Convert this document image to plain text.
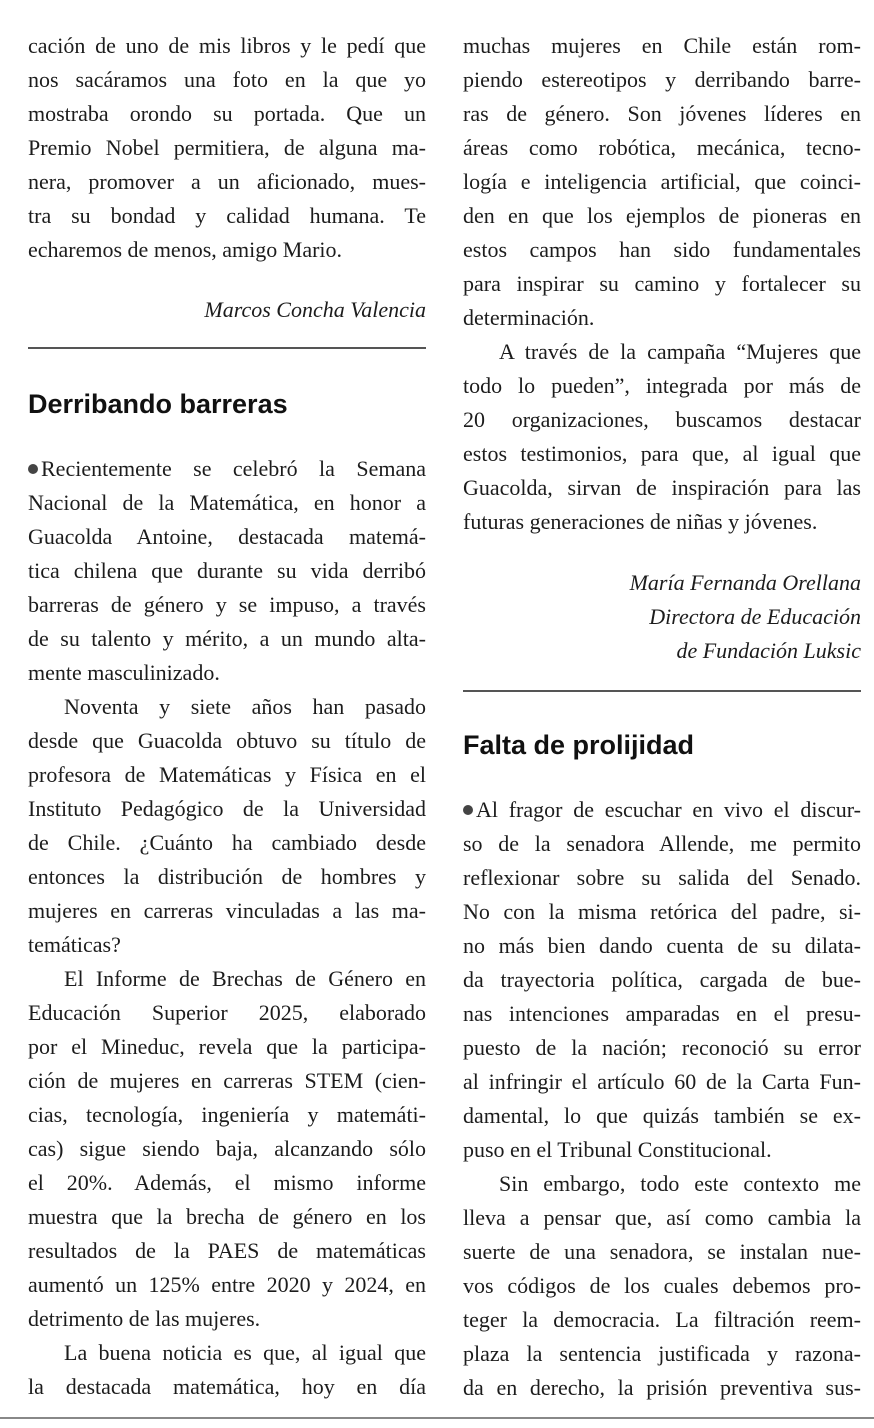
cación de uno de mis libros y le pedí que
nos sacáramos una foto en la que yo
mostraba orondo su portada. Que un
Premio Nobel permitiera, de alguna ma-
nera, promover a un aficionado, mues-
tra su bondad y calidad humana. Te
echaremos de menos, amigo Mario.
Marcos Concha Valencia
Derribando barreras
Recientemente se celebró la Semana
Nacional de la Matemática, en honor a
Guacolda Antoine, destacada matemá-
tica chilena que durante su vida derribó
barreras de género y se impuso, a través
de su talento y mérito, a un mundo alta-
mente masculinizado.
Noventa y siete años han pasado
desde que Guacolda obtuvo su título de
profesora de Matemáticas y Física en el
Instituto Pedagógico de la Universidad
de Chile. ¿Cuánto ha cambiado desde
entonces la distribución de hombres y
mujeres en carreras vinculadas a las ma-
temáticas?
El Informe de Brechas de Género en
Educación Superior 2025, elaborado
por el Mineduc, revela que la participa-
ción de mujeres en carreras STEM (cien-
cias, tecnología, ingeniería y matemáti-
cas) sigue siendo baja, alcanzando sólo
el 20%. Además, el mismo informe
muestra que la brecha de género en los
resultados de la PAES de matemáticas
aumentó un 125% entre 2020 y 2024, en
detrimento de las mujeres.
La buena noticia es que, al igual que
la destacada matemática, hoy en día
muchas mujeres en Chile están rom-
piendo estereotipos y derribando barre-
ras de género. Son jóvenes líderes en
áreas como robótica, mecánica, tecno-
logía e inteligencia artificial, que coinci-
den en que los ejemplos de pioneras en
estos campos han sido fundamentales
para inspirar su camino y fortalecer su
determinación.
A través de la campaña “Mujeres que
todo lo pueden”, integrada por más de
20 organizaciones, buscamos destacar
estos testimonios, para que, al igual que
Guacolda, sirvan de inspiración para las
futuras generaciones de niñas y jóvenes.
María Fernanda Orellana
Directora de Educación
de Fundación Luksic
Falta de prolijidad
Al fragor de escuchar en vivo el discur-
so de la senadora Allende, me permito
reflexionar sobre su salida del Senado.
No con la misma retórica del padre, si-
no más bien dando cuenta de su dilata-
da trayectoria política, cargada de bue-
nas intenciones amparadas en el presu-
puesto de la nación; reconoció su error
al infringir el artículo 60 de la Carta Fun-
damental, lo que quizás también se ex-
puso en el Tribunal Constitucional.
Sin embargo, todo este contexto me
lleva a pensar que, así como cambia la
suerte de una senadora, se instalan nue-
vos códigos de los cuales debemos pro-
teger la democracia. La filtración reem-
plaza la sentencia justificada y razona-
da en derecho, la prisión preventiva sus-
